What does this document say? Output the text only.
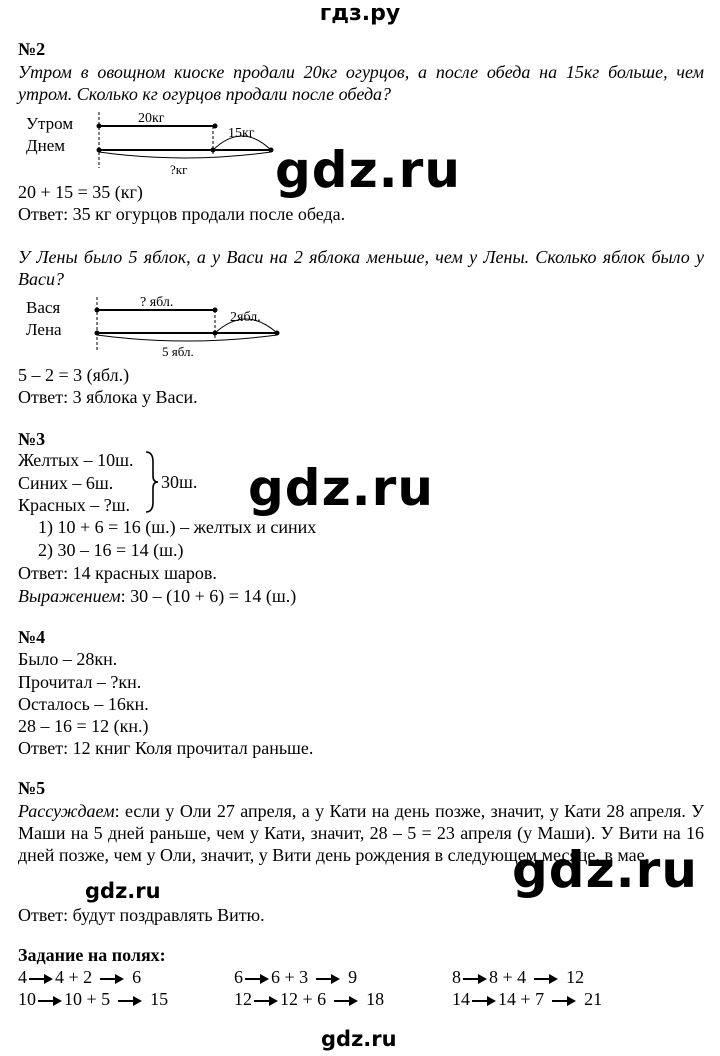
гдз.ру
№2
Утром в овощном киоске продали 20кг огурцов, а после обеда на 15кг больше, чем утром. Сколько кг огурцов продали после обеда?
Утром
Днем
20кг
15кг
?кг
20 + 15 = 35 (кг)
Ответ: 35 кг огурцов продали после обеда.
У Лены было 5 яблок, а у Васи на 2 яблока меньше, чем у Лены. Сколько яблок было у Васи?
Вася
Лена
? ябл.
2ябл.
5 ябл.
5 – 2 = 3 (ябл.)
Ответ: 3 яблока у Васи.
№3
Желтых – 10ш.
Синих – 6ш.
Красных – ?ш.
30ш.
1) 10 + 6 = 16 (ш.) – желтых и синих
2) 30 – 16 = 14 (ш.)
Ответ: 14 красных шаров.
Выражением: 30 – (10 + 6) = 14 (ш.)
№4
Было – 28кн.
Прочитал – ?кн.
Осталось – 16кн.
28 – 16 = 12 (кн.)
Ответ: 12 книг Коля прочитал раньше.
№5
Рассуждаем: если у Оли 27 апреля, а у Кати на день позже, значит, у Кати 28 апреля. У Маши на 5 дней раньше, чем у Кати, значит, 28 – 5 = 23 апреля (у Маши). У Вити на 16 дней позже, чем у Оли, значит, у Вити день рождения в следующем месяце, в мае.
Ответ: будут поздравлять Витю.
Задание на полях:
4 4 + 2 6	6 6 + 3 9	8 8 + 4 12
10 10 + 5 15	12 12 + 6 18	14 14 + 7 21
gdz.ru
gdz.ru
gdz.ru
gdz.ru
gdz.ru
